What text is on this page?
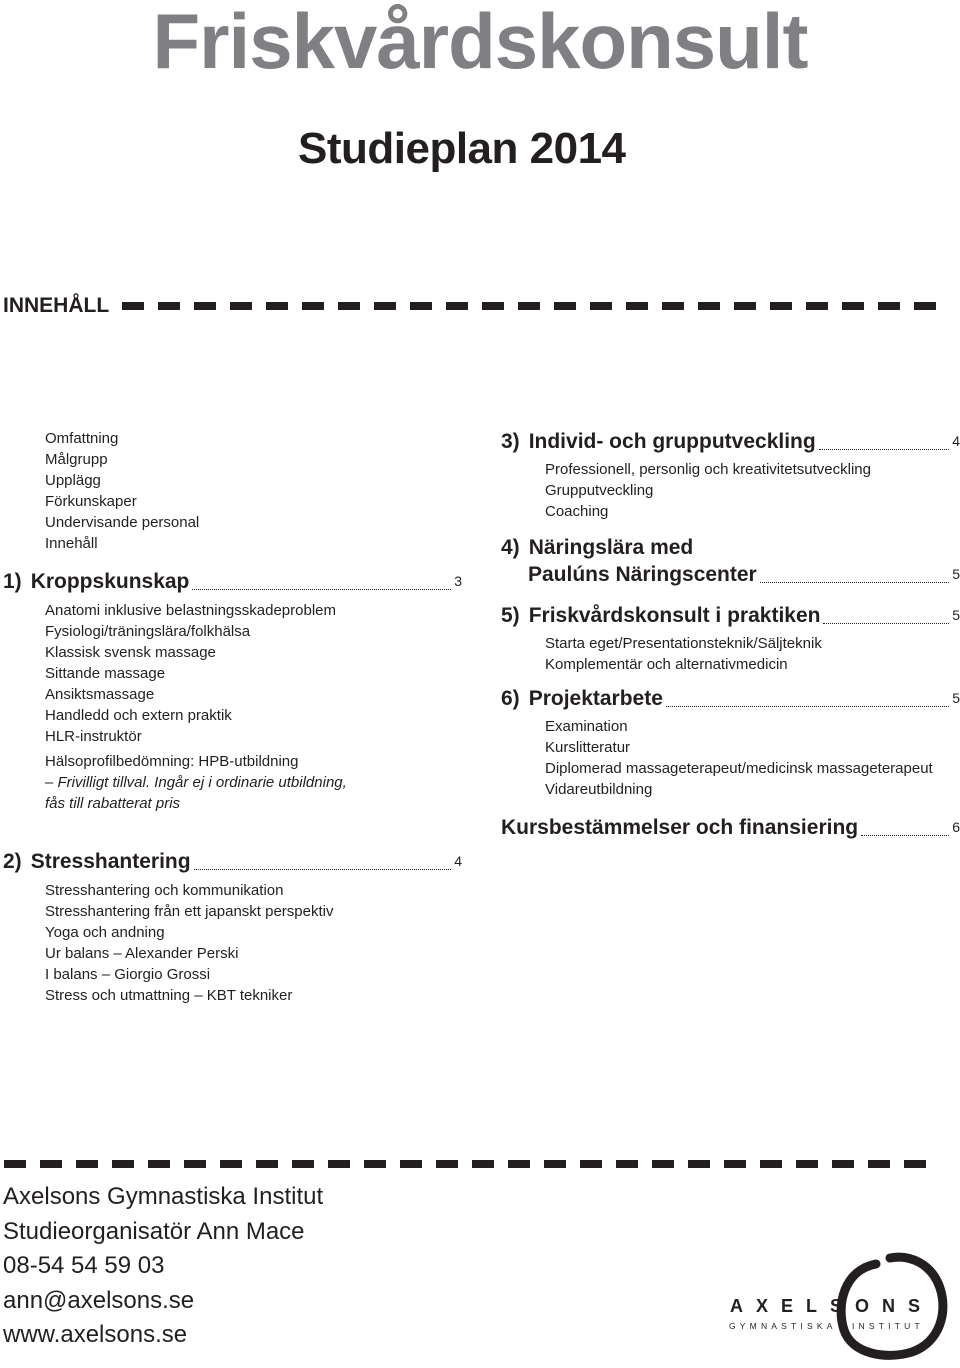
Friskvårdskonsult
Studieplan 2014
INNEHÅLL
Omfattning
Målgrupp
Upplägg
Förkunskaper
Undervisande personal
Innehåll
1) Kroppskunskap	3
Anatomi inklusive belastningsskadeproblem
Fysiologi/träningslära/folkhälsa
Klassisk svensk massage
Sittande massage
Ansiktsmassage
Handledd och extern praktik
HLR-instruktör
Hälsoprofilbedömning: HPB-utbildning
– Frivilligt tillval. Ingår ej i ordinarie utbildning,
fås till rabatterat pris
2) Stresshantering	4
Stresshantering och kommunikation
Stresshantering från ett japanskt perspektiv
Yoga och andning
Ur balans – Alexander Perski
I balans – Giorgio Grossi
Stress och utmattning – KBT tekniker
3) Individ- och grupputveckling	4
Professionell, personlig och kreativitetsutveckling
Grupputveckling
Coaching
4) Näringslära med
Paulúns Näringscenter	5
5) Friskvårdskonsult i praktiken	5
Starta eget/Presentationsteknik/Säljteknik
Komplementär och alternativmedicin
6) Projektarbete	5
Examination
Kurslitteratur
Diplomerad massageterapeut/medicinsk massageterapeut
Vidareutbildning
Kursbestämmelser och finansiering	6
Axelsons Gymnastiska Institut
Studieorganisatör Ann Mace
08-54 54 59 03
ann@axelsons.se
www.axelsons.se
AXELSONS
GYMNASTISKA INSTITUT
